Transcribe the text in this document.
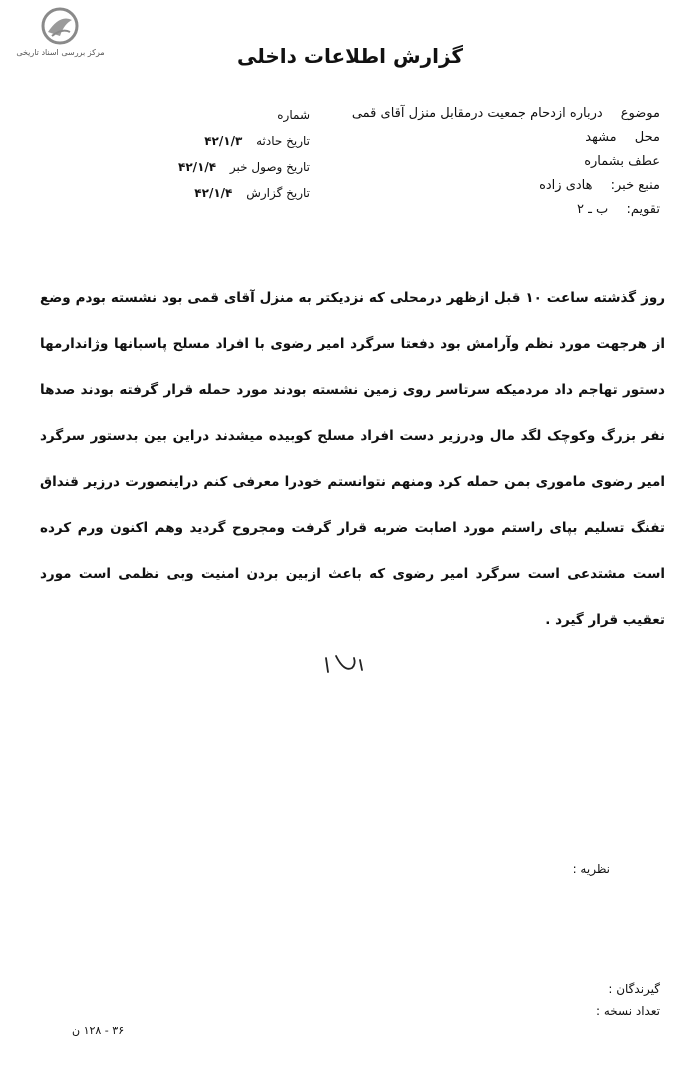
مرکز بررسی اسناد تاریخی	گزارش اطلاعات داخلی
موضوع درباره ازدحام جمعیت درمقابل منزل آقای قمی
محل مشهد
عطف بشماره
منبع خبر: هادی زاده
تقویم: ب ـ ۲
شماره
تاریخ حادثه ۴۲/۱/۳
تاریخ وصول خبر ۴۲/۱/۴
تاریخ گزارش ۴۲/۱/۴
روز گذشته ساعت ۱۰ قبل ازظهر درمحلی که نزدیکتر به منزل آقای قمی بود نشسته بودم وضع از هرجهت مورد نظم وآرامش بود دفعتا سرگرد امیر رضوی با افراد مسلح پاسبانها وژاندارمها دستور تهاجم داد مردمیکه سرتاسر روی زمین نشسته بودند مورد حمله قرار گرفته بودند صدها نفر بزرگ وکوچک لگد مال ودرزیر دست افراد مسلح کوبیده میشدند دراین بین بدستور سرگرد امیر رضوی ماموری بمن حمله کرد ومنهم نتوانستم خودرا معرفی کنم دراینصورت درزیر قنداق تفنگ تسلیم بپای راستم مورد اصابت ضربه قرار گرفت ومجروح گردید وهم اکنون ورم کرده است مشتدعی است سرگرد امیر رضوی که باعث ازبین بردن امنیت وبی نظمی است مورد تعقیب قرار گیرد .
نظریه :
گیرندگان :
تعداد نسخه :
۳۶ - ۱۲۸ ن
